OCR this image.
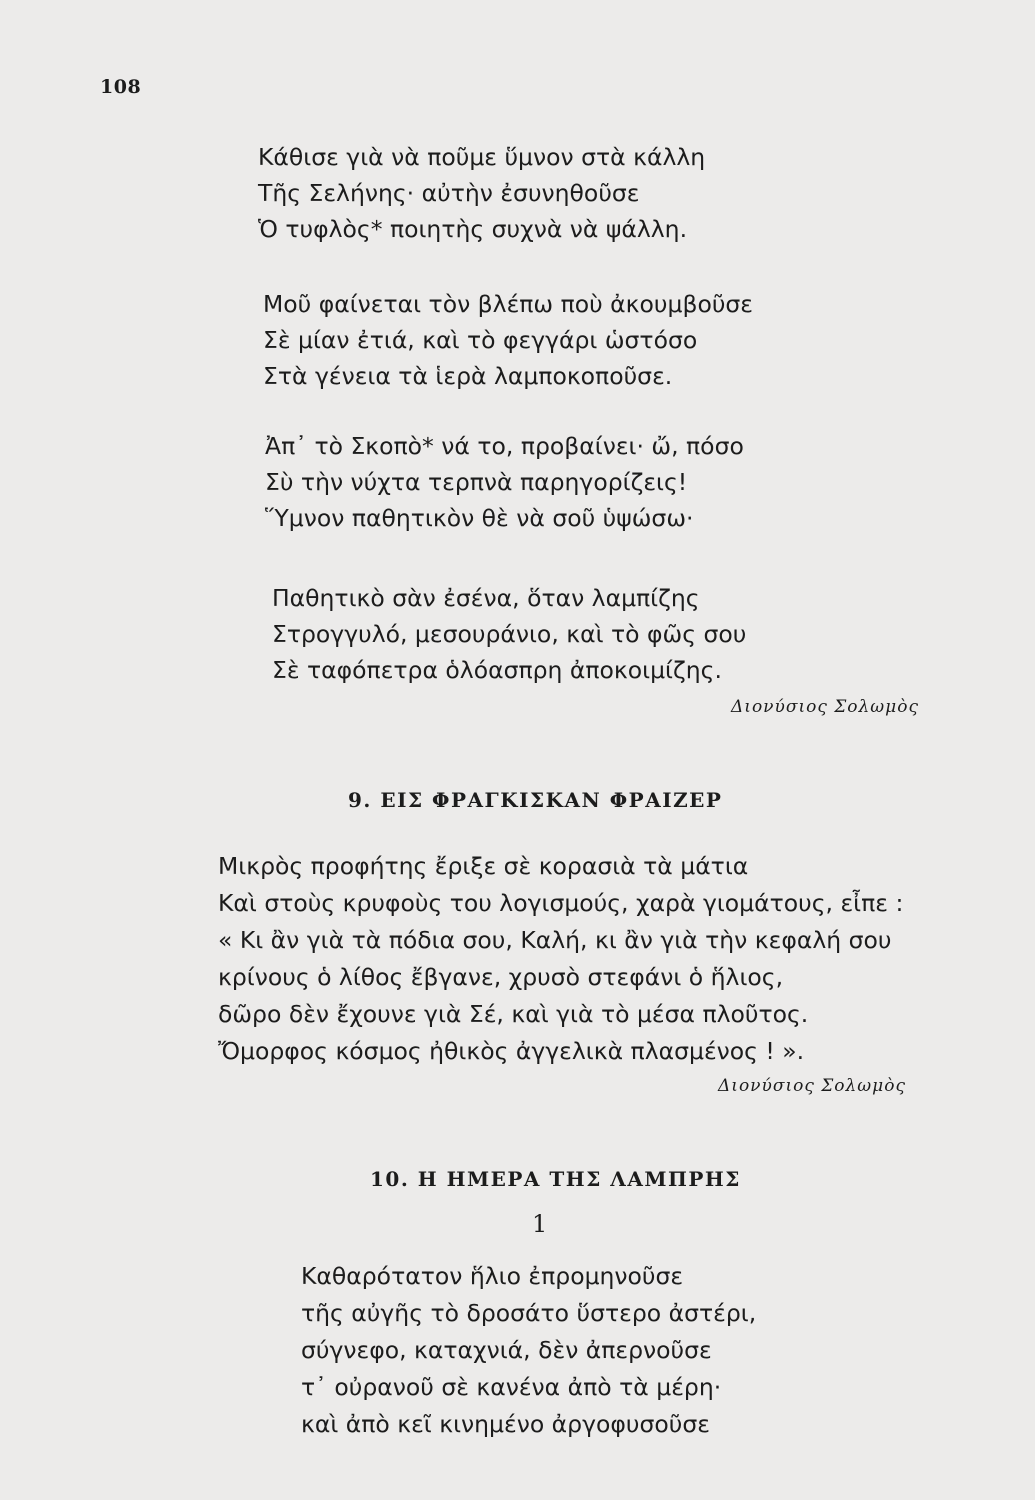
108
Κάθισε γιὰ νὰ ποῦμε ὕμνον στὰ κάλλη
Τῆς Σελήνης· αὐτὴν ἐσυνηθοῦσε
Ὁ τυφλὸς* ποιητὴς συχνὰ νὰ ψάλλη.
Μοῦ φαίνεται τὸν βλέπω ποὺ ἀκουμβοῦσε
Σὲ μίαν ἐτιά, καὶ τὸ φεγγάρι ὡστόσο
Στὰ γένεια τὰ ἱερὰ λαμποκοποῦσε.
Ἀπ᾽ τὸ Σκοπὸ* νά το, προβαίνει· ὤ, πόσο
Σὺ τὴν νύχτα τερπνὰ παρηγορίζεις!
Ὕμνον παθητικὸν θὲ νὰ σοῦ ὑψώσω·
Παθητικὸ σὰν ἐσένα, ὅταν λαμπίζης
Στρογγυλό, μεσουράνιο, καὶ τὸ φῶς σου
Σὲ ταφόπετρα ὁλόασπρη ἀποκοιμίζης.
Διονύσιος Σολωμὸς
9. ΕΙΣ ΦΡΑΓΚΙΣΚΑΝ ΦΡΑΙΖΕΡ
Μικρὸς προφήτης ἔριξε σὲ κορασιὰ τὰ μάτια
Καὶ στοὺς κρυφοὺς του λογισμούς, χαρὰ γιομάτους, εἶπε :
« Κι ἂν γιὰ τὰ πόδια σου, Καλή, κι ἂν γιὰ τὴν κεφαλή σου
κρίνους ὁ λίθος ἔβγανε, χρυσὸ στεφάνι ὁ ἥλιος,
δῶρο δὲν ἔχουνε γιὰ Σέ, καὶ γιὰ τὸ μέσα πλοῦτος.
Ὄμορφος κόσμος ἠθικὸς ἀγγελικὰ πλασμένος ! ».
Διονύσιος Σολωμὸς
10. Η ΗΜΕΡΑ ΤΗΣ ΛΑΜΠΡΗΣ
1
Καθαρότατον ἥλιο ἐπρομηνοῦσε
τῆς αὐγῆς τὸ δροσάτο ὕστερο ἀστέρι,
σύγνεφο, καταχνιά, δὲν ἀπερνοῦσε
τ᾽ οὐρανοῦ σὲ κανένα ἀπὸ τὰ μέρη·
καὶ ἀπὸ κεῖ κινημένο ἀργοφυσοῦσε
